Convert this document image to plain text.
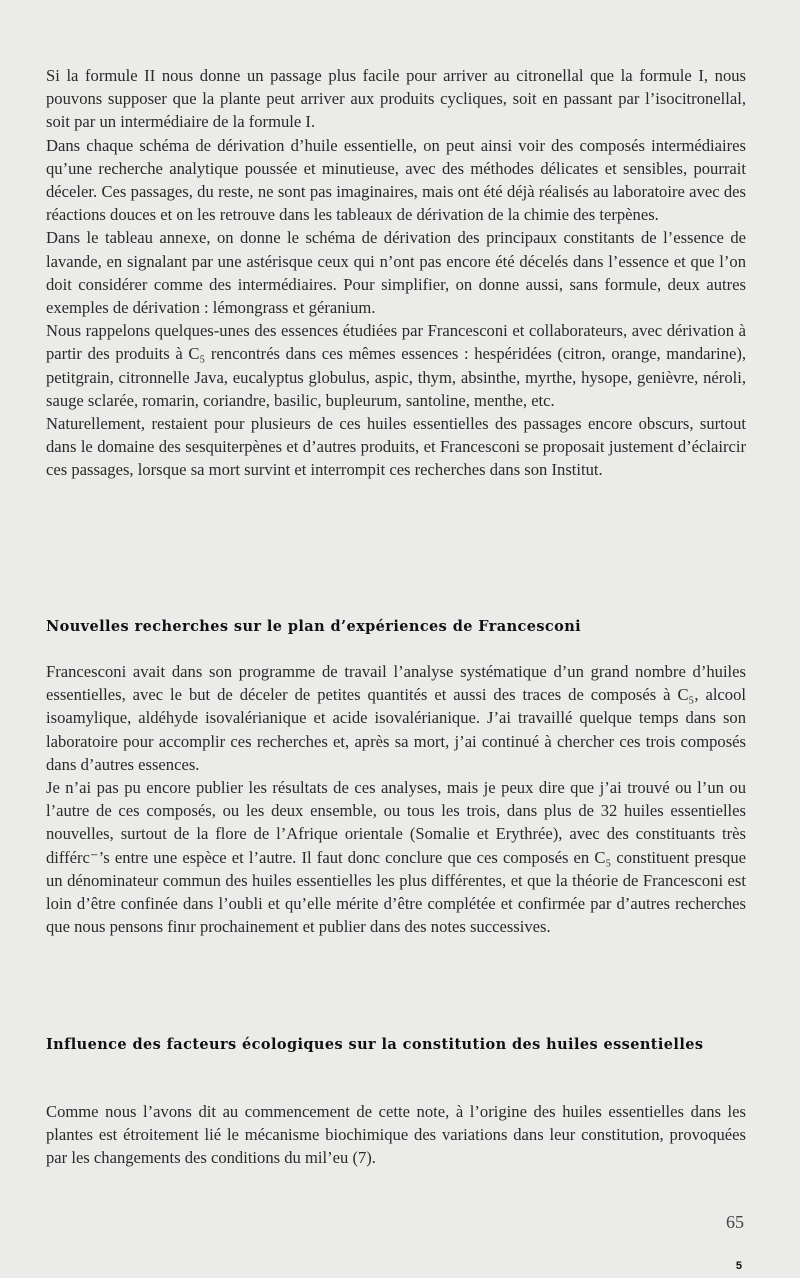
Si la formule II nous donne un passage plus facile pour arriver au citronellal que la formule I, nous pouvons supposer que la plante peut arriver aux produits cycliques, soit en passant par l’isocitronellal, soit par un intermédiaire de la formule I.
Dans chaque schéma de dérivation d’huile essentielle, on peut ainsi voir des composés intermédiaires qu’une recherche analytique poussée et minutieuse, avec des méthodes délicates et sensibles, pourrait déceler. Ces passages, du reste, ne sont pas imaginaires, mais ont été déjà réalisés au laboratoire avec des réactions douces et on les retrouve dans les tableaux de dérivation de la chimie des terpènes.
Dans le tableau annexe, on donne le schéma de dérivation des principaux constitants de l’essence de lavande, en signalant par une astérisque ceux qui n’ont pas encore été décelés dans l’essence et que l’on doit considérer comme des intermédiaires. Pour simplifier, on donne aussi, sans formule, deux autres exemples de dérivation : lémongrass et géranium.
Nous rappelons quelques-unes des essences étudiées par Francesconi et collaborateurs, avec dérivation à partir des produits à C₅ rencontrés dans ces mêmes essences : hespéridées (citron, orange, mandarine), petitgrain, citronnelle Java, eucalyptus globulus, aspic, thym, absinthe, myrthe, hysope, genièvre, néroli, sauge sclarée, romarin, coriandre, basilic, bupleurum, santoline, menthe, etc.
Naturellement, restaient pour plusieurs de ces huiles essentielles des passages encore obscurs, surtout dans le domaine des sesquiterpènes et d’autres produits, et Francesconi se proposait justement d’éclaircir ces passages, lorsque sa mort survint et interrompit ces recherches dans son Institut.
Nouvelles recherches sur le plan d’expériences de Francesconi
Francesconi avait dans son programme de travail l’analyse systématique d’un grand nombre d’huiles essentielles, avec le but de déceler de petites quantités et aussi des traces de composés à C₅, alcool isoamylique, aldéhyde isovalérianique et acide isovalérianique. J’ai travaillé quelque temps dans son laboratoire pour accomplir ces recherches et, après sa mort, j’ai continué à chercher ces trois composés dans d’autres essences.
Je n’ai pas pu encore publier les résultats de ces analyses, mais je peux dire que j’ai trouvé ou l’un ou l’autre de ces composés, ou les deux ensemble, ou tous les trois, dans plus de 32 huiles essentielles nouvelles, surtout de la flore de l’Afrique orientale (Somalie et Erythrée), avec des constituants très différc⁻’s entre une espèce et l’autre. Il faut donc conclure que ces composés en C₅ constituent presque un dénominateur commun des huiles essentielles les plus différentes, et que la théorie de Francesconi est loin d’être confinée dans l’oubli et qu’elle mérite d’être complétée et confirmée par d’autres recherches que nous pensons finır prochainement et publier dans des notes successives.
Influence des facteurs écologiques sur la constitution des huiles essentielles
Comme nous l’avons dit au commencement de cette note, à l’origine des huiles essentielles dans les plantes est étroitement lié le mécanisme biochimique des variations dans leur constitution, provoquées par les changements des conditions du mil’eu (7).
65
5
